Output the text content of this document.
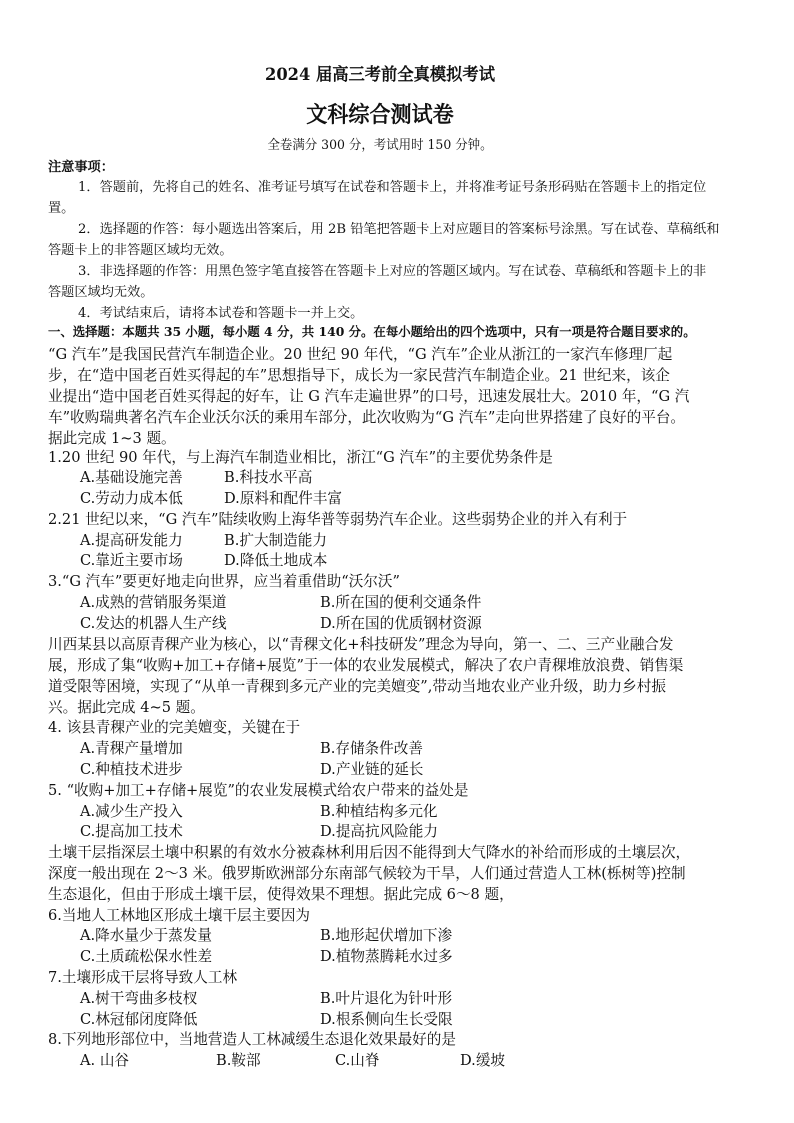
2024 届高三考前全真模拟考试
文科综合测试卷
全卷满分 300 分，考试用时 150 分钟。
注意事项：
1．答题前，先将自己的姓名、准考证号填写在试卷和答题卡上，并将准考证号条形码贴在答题卡上的指定位
置。
2．选择题的作答：每小题选出答案后，用 2B 铅笔把答题卡上对应题目的答案标号涂黑。写在试卷、草稿纸和
答题卡上的非答题区域均无效。
3．非选择题的作答：用黑色签字笔直接答在答题卡上对应的答题区域内。写在试卷、草稿纸和答题卡上的非
答题区域均无效。
4．考试结束后，请将本试卷和答题卡一并上交。
一、选择题：本题共 35 小题，每小题 4 分，共 140 分。在每小题给出的四个选项中，只有一项是符合题目要求的。
“G 汽车”是我国民营汽车制造企业。20 世纪 90 年代，“G 汽车”企业从浙江的一家汽车修理厂起
步，在“造中国老百姓买得起的车”思想指导下，成长为一家民营汽车制造企业。21 世纪来，该企
业提出“造中国老百姓买得起的好车，让 G 汽车走遍世界”的口号，迅速发展壮大。2010 年，“G 汽
车”收购瑞典著名汽车企业沃尔沃的乘用车部分，此次收购为“G 汽车”走向世界搭建了良好的平台。
据此完成 1~3 题。
1.20 世纪 90 年代，与上海汽车制造业相比，浙江“G 汽车”的主要优势条件是
A.基础设施完善	B.科技水平高
C.劳动力成本低	D.原料和配件丰富
2.21 世纪以来，“G 汽车”陆续收购上海华普等弱势汽车企业。这些弱势企业的并入有利于
A.提高研发能力	B.扩大制造能力
C.靠近主要市场	D.降低土地成本
3.“G 汽车”要更好地走向世界，应当着重借助“沃尔沃”
A.成熟的营销服务渠道	B.所在国的便利交通条件
C.发达的机器人生产线	D.所在国的优质钢材资源
川西某县以高原青稞产业为核心，以“青稞文化+科技研发”理念为导向，第一、二、三产业融合发
展，形成了集“收购+加工+存储+展览”于一体的农业发展模式，解决了农户青稞堆放浪费、销售渠
道受限等困境，实现了“从单一青稞到多元产业的完美嬗变”,带动当地农业产业升级，助力乡村振
兴。据此完成 4~5 题。
4. 该县青稞产业的完美嬗变，关键在于
A.青稞产量增加	B.存储条件改善
C.种植技术进步	D.产业链的延长
5. “收购+加工+存储+展览”的农业发展模式给农户带来的益处是
A.减少生产投入	B.种植结构多元化
C.提高加工技术	D.提高抗风险能力
土壤干层指深层土壤中积累的有效水分被森林利用后因不能得到大气降水的补给而形成的土壤层次，
深度一般出现在 2～3 米。俄罗斯欧洲部分东南部气候较为干旱，人们通过营造人工林(栎树等)控制
生态退化，但由于形成土壤干层，使得效果不理想。据此完成 6～8 题，
6.当地人工林地区形成土壤干层主要因为
A.降水量少于蒸发量	B.地形起伏增加下渗
C.土质疏松保水性差	D.植物蒸腾耗水过多
7.土壤形成干层将导致人工林
A.树干弯曲多枝杈	B.叶片退化为针叶形
C.林冠郁闭度降低	D.根系侧向生长受限
8.下列地形部位中，当地营造人工林减缓生态退化效果最好的是
A. 山谷	B.鞍部	C.山脊	D.缓坡
